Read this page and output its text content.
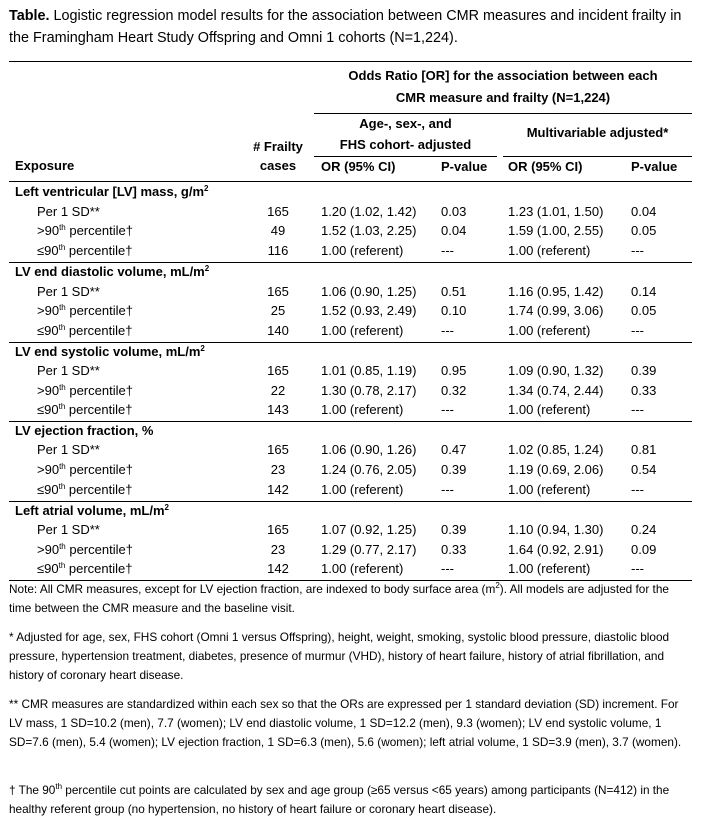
Table. Logistic regression model results for the association between CMR measures and incident frailty in the Framingham Heart Study Offspring and Omni 1 cohorts (N=1,224).
Odds Ratio [OR] for the association between each
CMR measure and frailty (N=1,224)
Age-, sex-, and
FHS cohort- adjusted
Multivariable adjusted*
# Frailty
cases
Exposure	OR (95% CI)	P-value OR (95% CI)	P-value
Left ventricular [LV] mass, $g/m^2$
Per 1 SD**	165	1.20 (1.02, 1.42) 0.03	1.23 (1.01, 1.50) 0.04
>90th percentile†	49	1.52 (1.03, 2.25) 0.04	1.59 (1.00, 2.55) 0.05
≤90th percentile†	116	1.00 (referent)	---	1.00 (referent)	---
LV end diastolic volume, $mL/m^2$
Per 1 SD**	165	1.06 (0.90, 1.25) 0.51	1.16 (0.95, 1.42) 0.14
>90th percentile†	25	1.52 (0.93, 2.49) 0.10	1.74 (0.99, 3.06) 0.05
≤90th percentile†	140	1.00 (referent)	---	1.00 (referent)	---
LV end systolic volume, $mL/m^2$
Per 1 SD**	165	1.01 (0.85, 1.19) 0.95	1.09 (0.90, 1.32) 0.39
>90th percentile†	22	1.30 (0.78, 2.17) 0.32	1.34 (0.74, 2.44) 0.33
≤90th percentile†	143	1.00 (referent)	---	1.00 (referent)	---
LV ejection fraction, %
Per 1 SD**	165	1.06 (0.90, 1.26) 0.47	1.02 (0.85, 1.24) 0.81
>90th percentile†	23	1.24 (0.76, 2.05) 0.39	1.19 (0.69, 2.06) 0.54
≤90th percentile†	142	1.00 (referent)	---	1.00 (referent)	---
Left atrial volume, $mL/m^2$
Per 1 SD**	165	1.07 (0.92, 1.25) 0.39	1.10 (0.94, 1.30) 0.24
>90th percentile†	23	1.29 (0.77, 2.17) 0.33	1.64 (0.92, 2.91) 0.09
≤90th percentile†	142	1.00 (referent)	---	1.00 (referent)	---
Note: All CMR measures, except for LV ejection fraction, are indexed to body surface area $(m^2)$. All models are adjusted for the time between the CMR measure and the baseline visit.
* Adjusted for age, sex, FHS cohort (Omni 1 versus Offspring), height, weight, smoking, systolic blood pressure, diastolic blood pressure, hypertension treatment, diabetes, presence of murmur (VHD), history of heart failure, history of atrial fibrillation, and history of coronary heart disease.
** CMR measures are standardized within each sex so that the ORs are expressed per 1 standard deviation (SD) increment. For LV mass, 1 SD=10.2 (men), 7.7 (women); LV end diastolic volume, 1 SD=12.2 (men), 9.3 (women); LV end systolic volume, 1 SD=7.6 (men), 5.4 (women); LV ejection fraction, 1 SD=6.3 (men), 5.6 (women); left atrial volume, 1 SD=3.9 (men), 3.7 (women).
† The 90th percentile cut points are calculated by sex and age group (≥65 versus <65 years) among participants (N=412) in the healthy referent group (no hypertension, no history of heart failure or coronary heart disease).
